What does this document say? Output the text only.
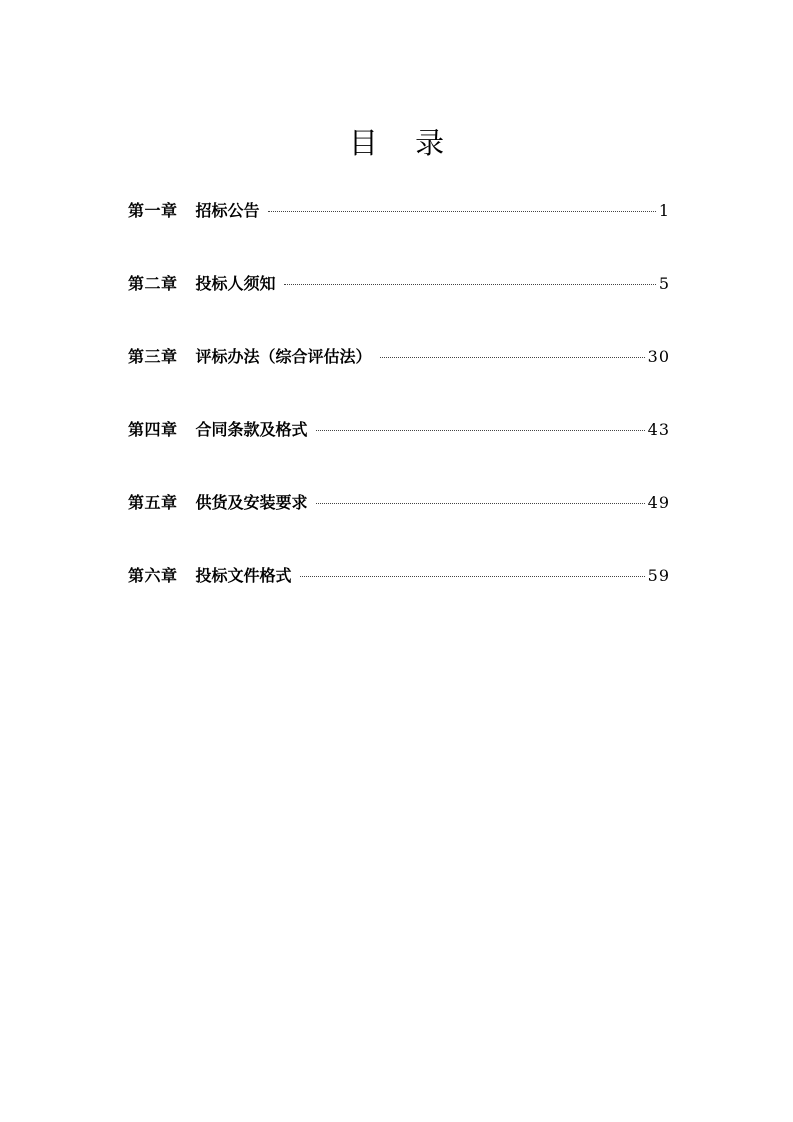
目 录
第一章 招标公告	1
第二章 投标人须知	5
第三章 评标办法（综合评估法）	30
第四章 合同条款及格式	43
第五章 供货及安装要求	49
第六章 投标文件格式	59
